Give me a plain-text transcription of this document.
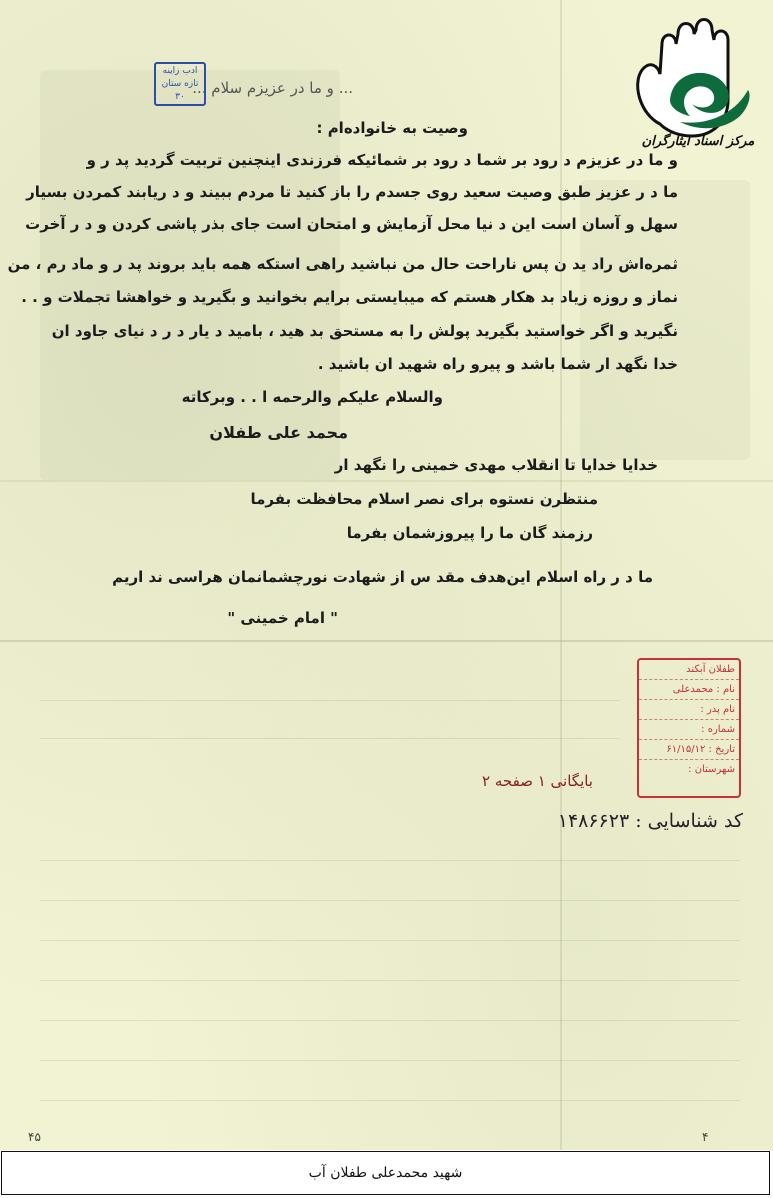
مرکز اسناد ایثارگران
ادب زاینه
تازه ستان ۳۰ ... و ما در عزیزم سلام ...
وصیت به خانواده‌ام :
و ما در عزیزم د رود بر شما د رود بر شمائیکه فرزندی اینچنین تربیت گردید پد ر و
ما د ر عزیز طبق وصیت سعید روی جسدم را باز کنید تا مردم ببیند و د ریابند کمردن بسیار
سهل و آسان است این د نیا محل آزمایش و امتحان است جای بذر پاشی کردن و د ر آخرت
ثمره‌اش راد ید ن پس ناراحت حال من نباشید راهی استکه همه باید بروند پد ر و ماد رم ، من
نماز و روزه زیاد بد هکار هستم که میبایستی برایم بخوانید و بگیرید و خواهشا تجملات و . .
نگیرید و اگر خواستید بگیرید پولش را به مستحق بد هید ، بامید د یار د ر د نیای جاود ان
خدا نگهد ار شما باشد و پیرو راه شهید ان باشید .
والسلام علیکم والرحمه ا . . وبرکاته
محمد علی طفلان
خدایا خدایا تا انقلاب مهدی خمینی را نگهد ار
منتظرن نستوه برای نصر اسلام محافظت بفرما
رزمند گان ما را پیروزشمان بفرما
ما د ر راه اسلام این‌هدف مقد س از شهادت نورچشمانمان هراسی ند اریم
" امام خمینی "
طفلان آبکند
نام : محمدعلی
نام پدر :
شماره :
تاریخ : ۶۱/۱۵/۱۲
شهرستان :
بایگانی ۱ صفحه ۲
کد شناسایی : ۱۴۸۶۶۲۳
۴۵	۴
شهید محمدعلی طفلان آب
